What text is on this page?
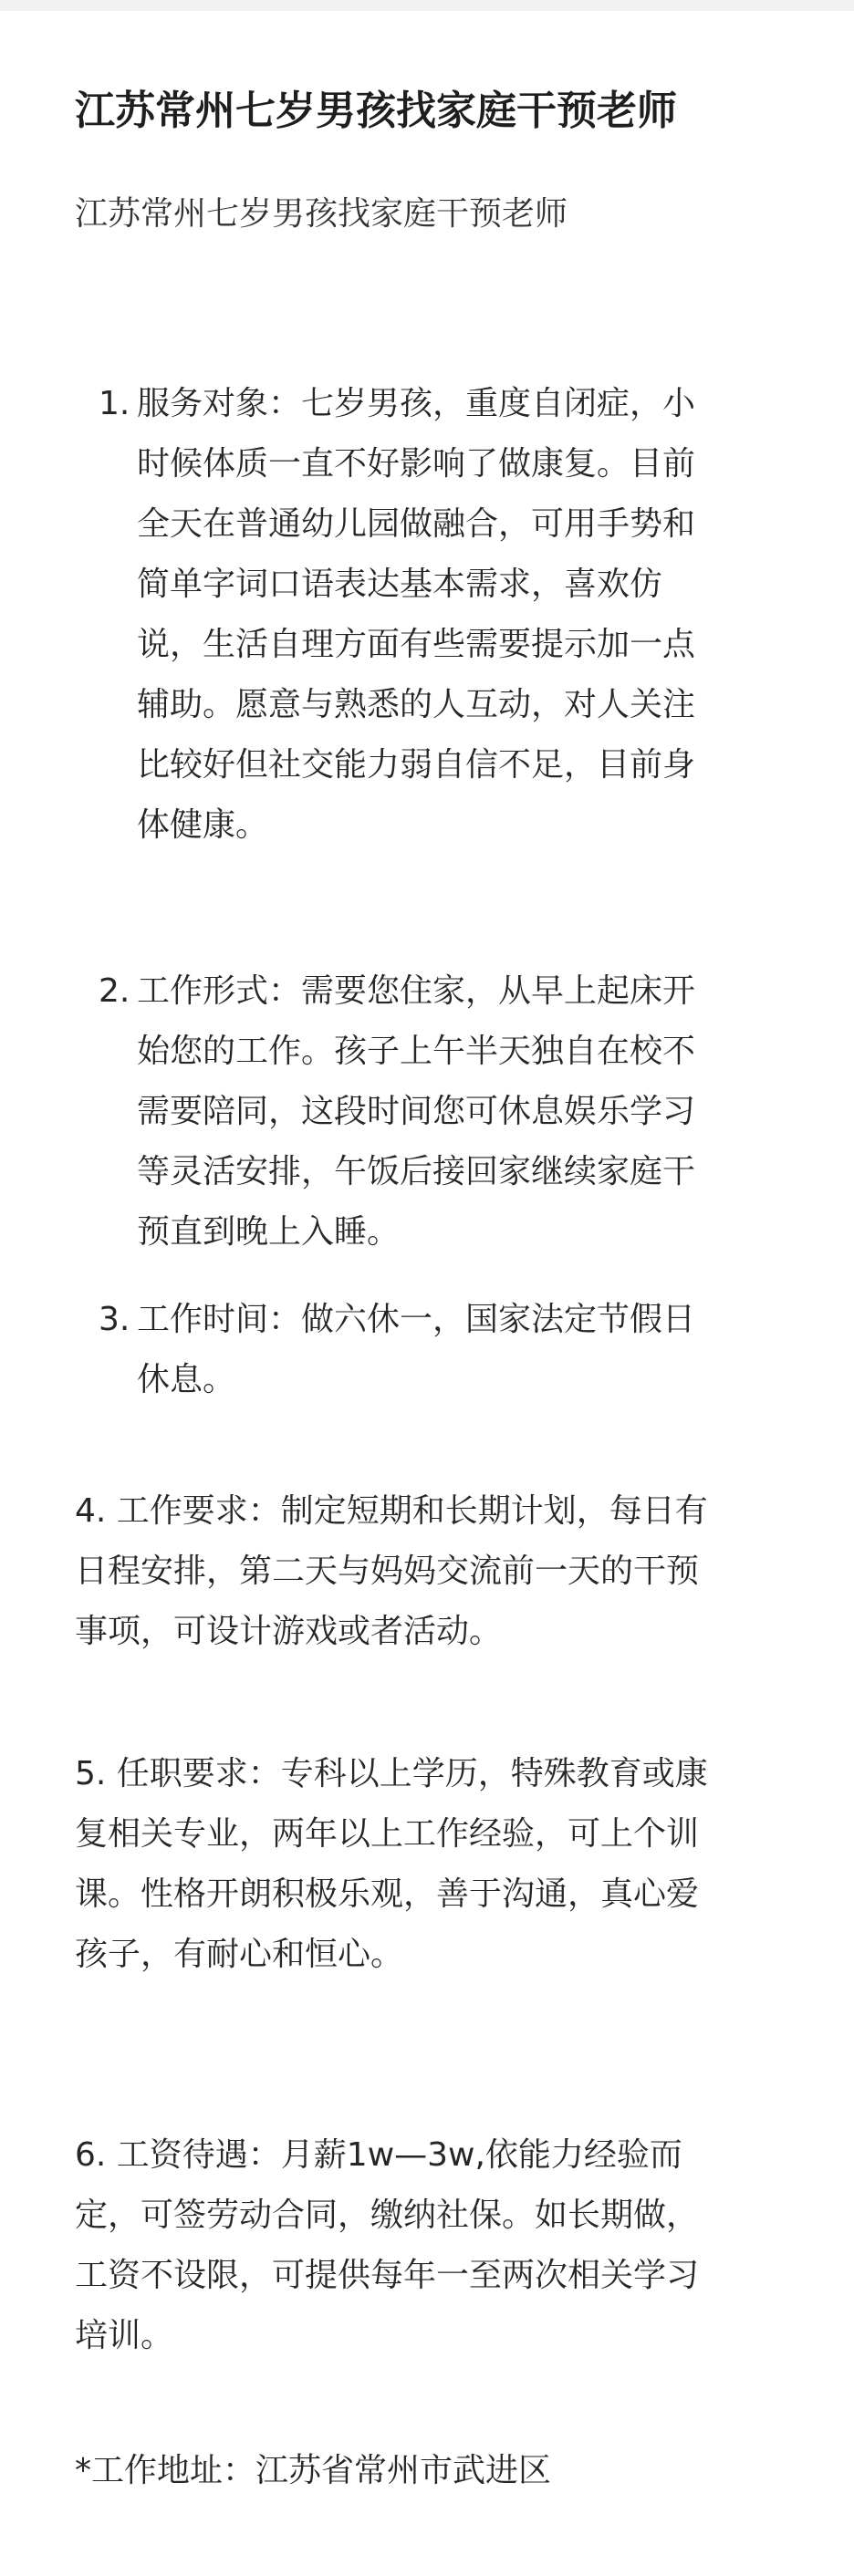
江苏常州七岁男孩找家庭干预老师
江苏常州七岁男孩找家庭干预老师
1. 服务对象：七岁男孩，重度自闭症，小
时候体质一直不好影响了做康复。目前
全天在普通幼儿园做融合，可用手势和
简单字词口语表达基本需求，喜欢仿
说，生活自理方面有些需要提示加一点
辅助。愿意与熟悉的人互动，对人关注
比较好但社交能力弱自信不足，目前身
体健康。
2. 工作形式：需要您住家，从早上起床开
始您的工作。孩子上午半天独自在校不
需要陪同，这段时间您可休息娱乐学习
等灵活安排，午饭后接回家继续家庭干
预直到晚上入睡。
3. 工作时间：做六休一，国家法定节假日
休息。
4. 工作要求：制定短期和长期计划，每日有
日程安排，第二天与妈妈交流前一天的干预
事项，可设计游戏或者活动。
5. 任职要求：专科以上学历，特殊教育或康
复相关专业，两年以上工作经验，可上个训
课。性格开朗积极乐观，善于沟通，真心爱
孩子，有耐心和恒心。
6. 工资待遇：月薪1w—3w,依能力经验而
定，可签劳动合同，缴纳社保。如长期做，
工资不设限，可提供每年一至两次相关学习
培训。
*工作地址：江苏省常州市武进区
